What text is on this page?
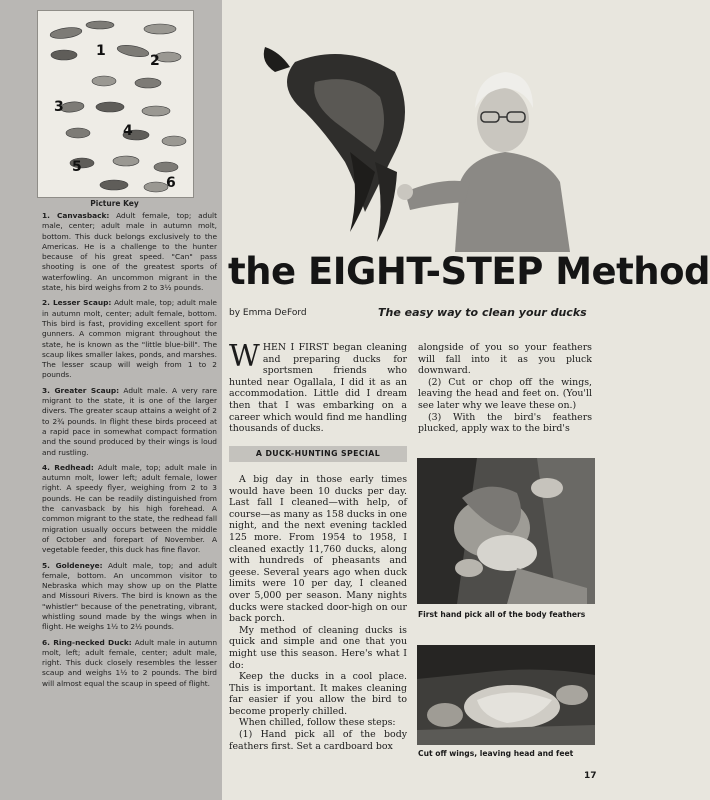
1
2
3
4
5
6
Picture Key

1. Canvasback: Adult female, top; adult male, center; adult male in autumn molt, bottom. This duck belongs exclusively to the Americas. He is a challenge to the hunter because of his great speed. "Can" pass shooting is one of the greatest sports of waterfowling. An uncommon migrant in the state, his bird weighs from 2 to 3½ pounds.

2. Lesser Scaup: Adult male, top; adult male in autumn molt, center; adult female, bottom. This bird is fast, providing excellent sport for gunners. A common migrant throughout the state, he is known as the "little blue-bill". The scaup likes smaller lakes, ponds, and marshes. The lesser scaup will weigh from 1 to 2 pounds.

3. Greater Scaup: Adult male. A very rare migrant to the state, it is one of the larger divers. The greater scaup attains a weight of 2 to 2¾ pounds. In flight these birds proceed at a rapid pace in somewhat compact formation and the sound produced by their wings is loud and rustling.

4. Redhead: Adult male, top; adult male in autumn molt, lower left; adult female, lower right. A speedy flyer, weighing from 2 to 3 pounds. He can be readily distinguished from the canvasback by his high forehead. A common migrant to the state, the redhead fall migration usually occurs between the middle of October and forepart of November. A vegetable feeder, this duck has fine flavor.

5. Goldeneye: Adult male, top; and adult female, bottom. An uncommon visitor to Nebraska which may show up on the Platte and Missouri Rivers. The bird is known as the "whistler" because of the penetrating, vibrant, whistling sound made by the wings when in flight. He weighs 1½ to 2½ pounds.

6. Ring-necked Duck: Adult male in autumn molt, left; adult female, center; adult male, right. This duck closely resembles the lesser scaup and weighs 1½ to 2 pounds. The bird will almost equal the scaup in speed of flight.

the EIGHT-STEP Method
by Emma DeFord	The easy way to clean your ducks

WHEN I FIRST began cleaning and preparing ducks for sportsmen friends who hunted near Ogallala, I did it as an accommodation. Little did I dream then that I was embarking on a career which would find me handling thousands of ducks.

A DUCK-HUNTING SPECIAL

A big day in those early times would have been 10 ducks per day. Last fall I cleaned—with help, of course—as many as 158 ducks in one night, and the next evening tackled 125 more. From 1954 to 1958, I cleaned exactly 11,760 ducks, along with hundreds of pheasants and geese. Several years ago when duck limits were 10 per day, I cleaned over 5,000 per season. Many nights ducks were stacked door-high on our back porch.

My method of cleaning ducks is quick and simple and one that you might use this season. Here's what I do:

Keep the ducks in a cool place. This is important. It makes cleaning far easier if you allow the bird to become properly chilled.

When chilled, follow these steps:

(1) Hand pick all of the body feathers first. Set a cardboard box

alongside of you so your feathers will fall into it as you pluck downward.

(2) Cut or chop off the wings, leaving the head and feet on. (You'll see later why we leave these on.)

(3) With the bird's feathers plucked, apply wax to the bird's

First hand pick all of the body feathers
Cut off wings, leaving head and feet
17
